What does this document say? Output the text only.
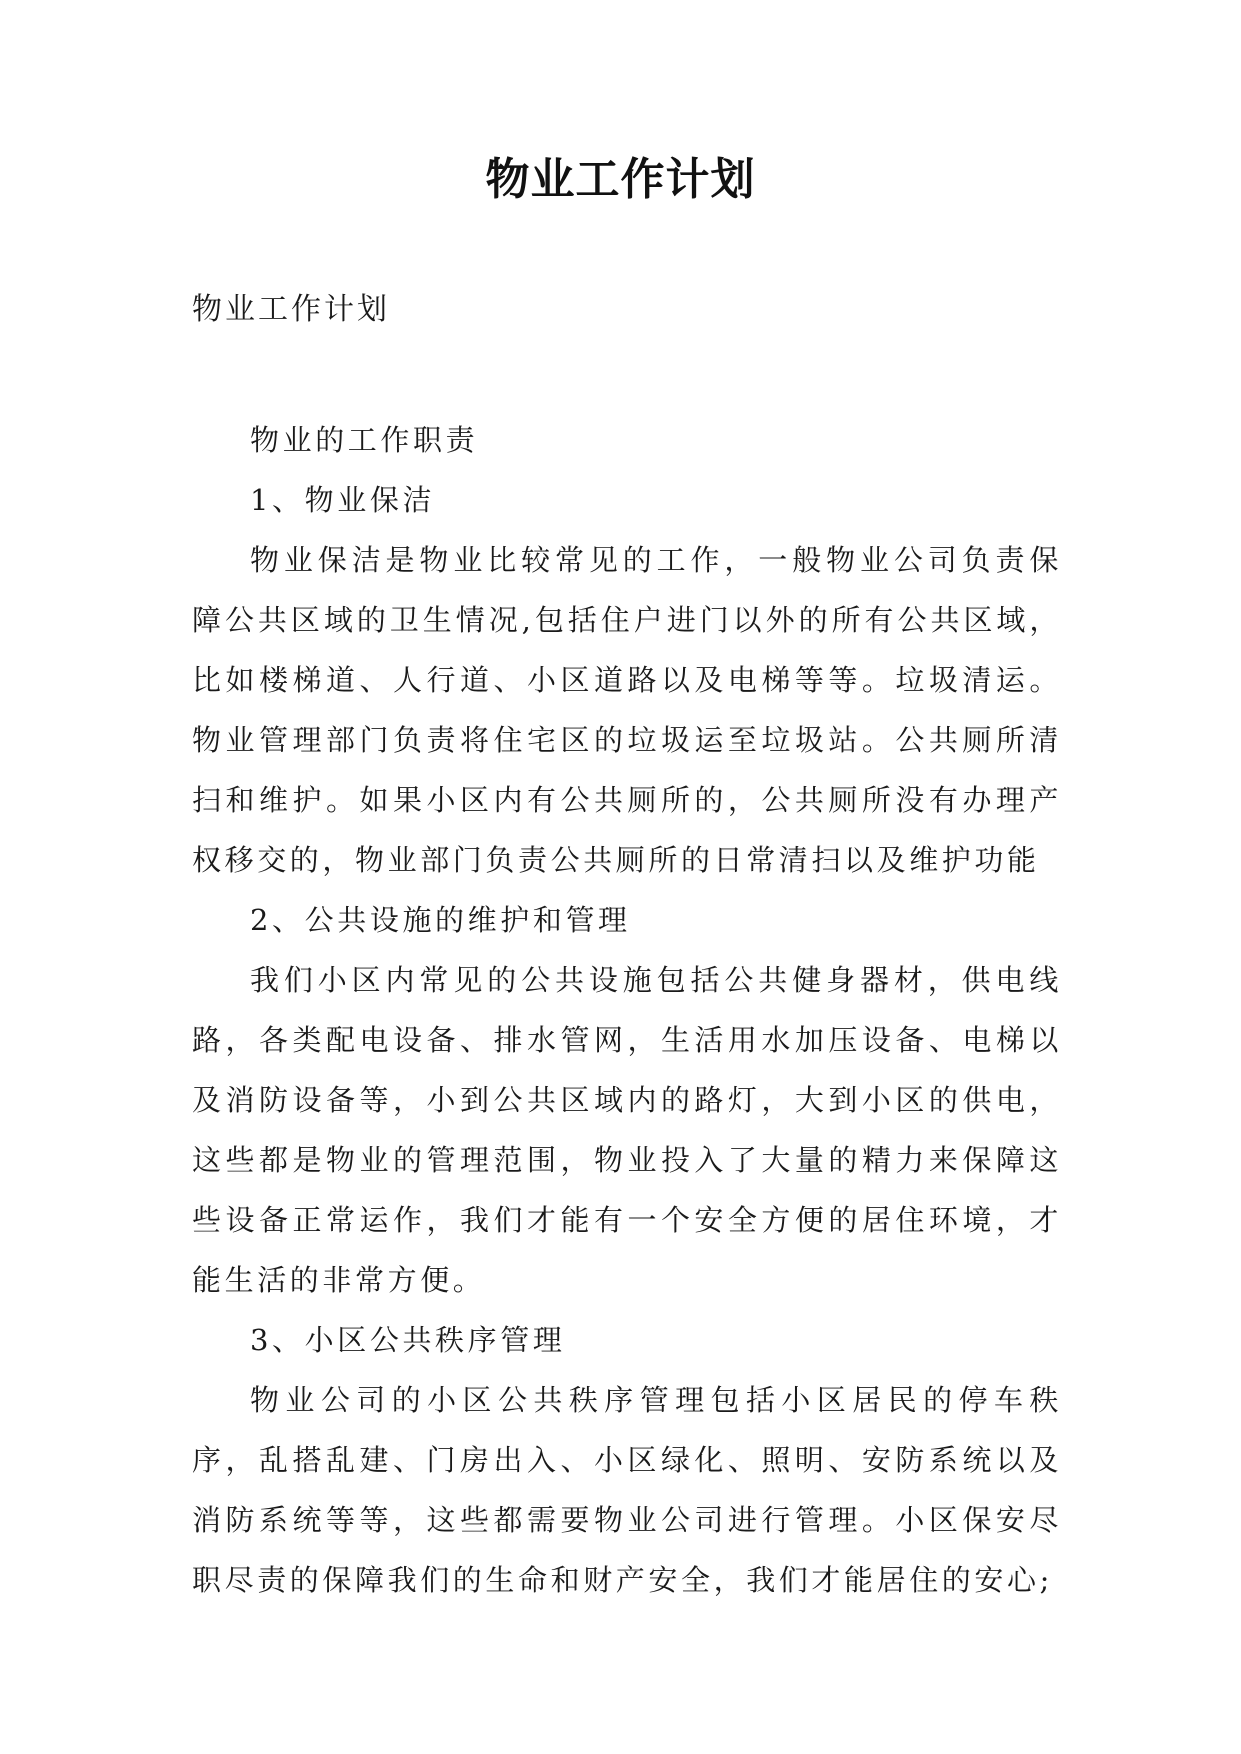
物业工作计划
物业工作计划

物业的工作职责

1、物业保洁

物业保洁是物业比较常见的工作，一般物业公司负责保障公共区域的卫生情况,包括住户进门以外的所有公共区域，比如楼梯道、人行道、小区道路以及电梯等等。垃圾清运。物业管理部门负责将住宅区的垃圾运至垃圾站。公共厕所清扫和维护。如果小区内有公共厕所的，公共厕所没有办理产权移交的，物业部门负责公共厕所的日常清扫以及维护功能

2、公共设施的维护和管理

我们小区内常见的公共设施包括公共健身器材，供电线路，各类配电设备、排水管网，生活用水加压设备、电梯以及消防设备等，小到公共区域内的路灯，大到小区的供电，这些都是物业的管理范围，物业投入了大量的精力来保障这些设备正常运作，我们才能有一个安全方便的居住环境，才能生活的非常方便。

3、小区公共秩序管理

物业公司的小区公共秩序管理包括小区居民的停车秩序，乱搭乱建、门房出入、小区绿化、照明、安防系统以及消防系统等等，这些都需要物业公司进行管理。小区保安尽职尽责的保障我们的生命和财产安全，我们才能居住的安心;
